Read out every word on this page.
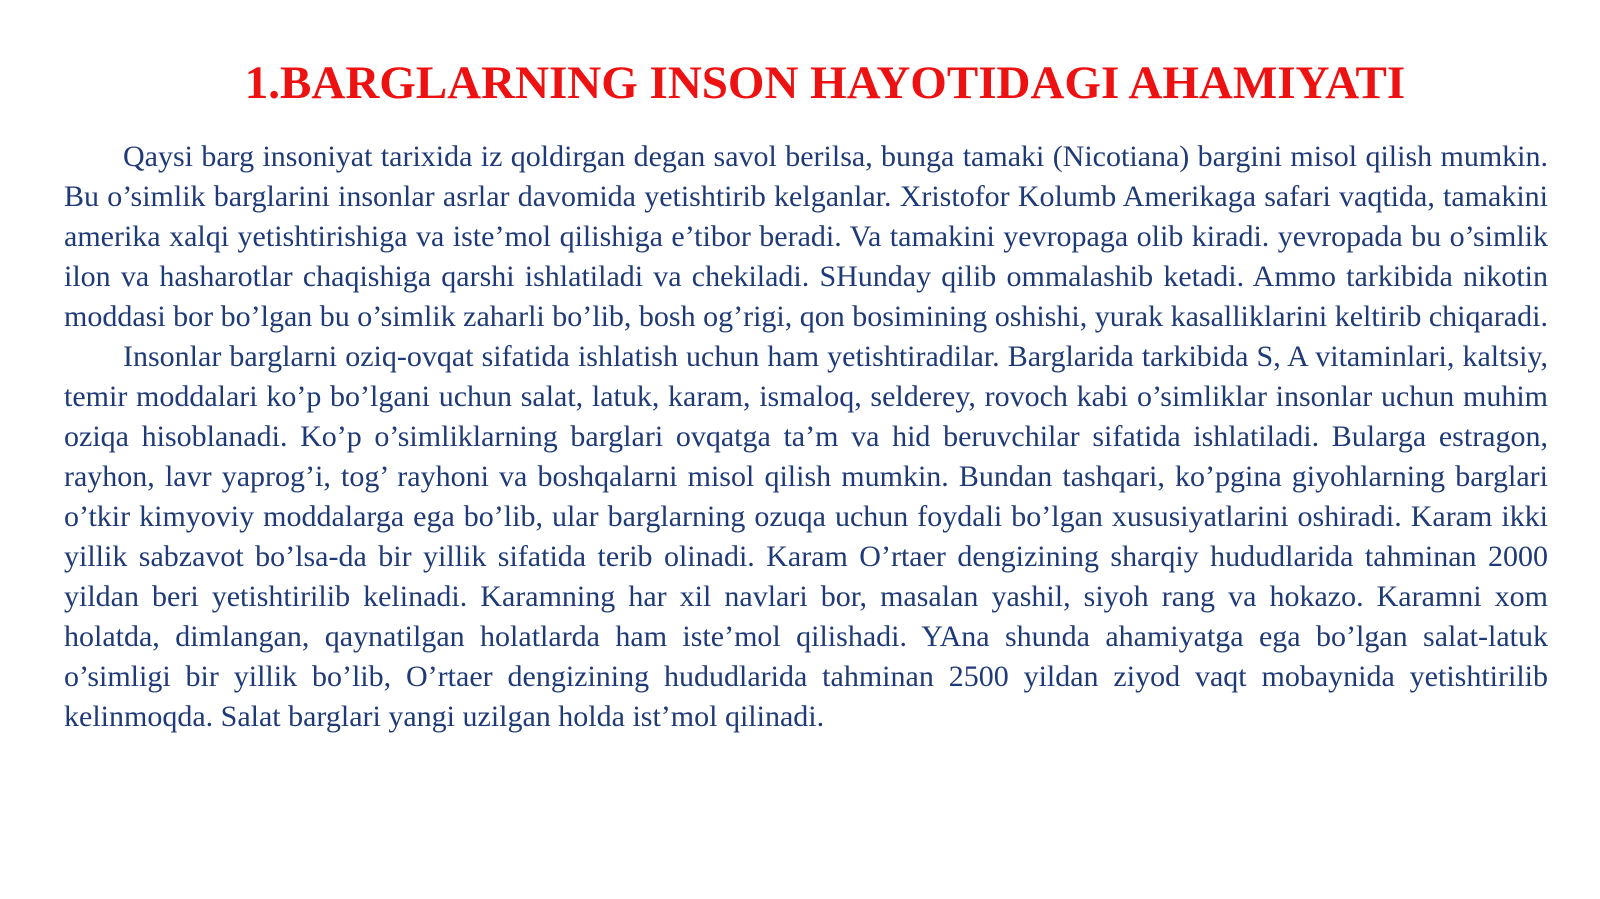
1.BARGLARNING INSON HAYOTIDAGI AHAMIYATI

Qaysi barg insoniyat tarixida iz qoldirgan degan savol berilsa, bunga tamaki (Nicotiana) bargini misol qilish mumkin. Bu o’simlik barglarini insonlar asrlar davomida yetishtirib kelganlar. Xristofor Kolumb Amerikaga safari vaqtida, tamakini amerika xalqi yetishtirishiga va iste’mol qilishiga e’tibor beradi. Va tamakini yevropaga olib kiradi. yevropada bu o’simlik ilon va hasharotlar chaqishiga qarshi ishlatiladi va chekiladi. SHunday qilib ommalashib ketadi. Ammo tarkibida nikotin moddasi bor bo’lgan bu o’simlik zaharli bo’lib, bosh og’rigi, qon bosimining oshishi, yurak kasalliklarini keltirib chiqaradi.

Insonlar barglarni oziq-ovqat sifatida ishlatish uchun ham yetishtiradilar. Barglarida tarkibida S, A vitaminlari, kaltsiy, temir moddalari ko’p bo’lgani uchun salat, latuk, karam, ismaloq, selderey, rovoch kabi o’simliklar insonlar uchun muhim oziqa hisoblanadi. Ko’p o’simliklarning barglari ovqatga ta’m va hid beruvchilar sifatida ishlatiladi. Bularga estragon, rayhon, lavr yaprog’i, tog’ rayhoni va boshqalarni misol qilish mumkin. Bundan tashqari, ko’pgina giyohlarning barglari o’tkir kimyoviy moddalarga ega bo’lib, ular barglarning ozuqa uchun foydali bo’lgan xususiyatlarini oshiradi. Karam ikki yillik sabzavot bo’lsa-da bir yillik sifatida terib olinadi. Karam O’rtaer dengizining sharqiy hududlarida tahminan 2000 yildan beri yetishtirilib kelinadi. Karamning har xil navlari bor, masalan yashil, siyoh rang va hokazo. Karamni xom holatda, dimlangan, qaynatilgan holatlarda ham iste’mol qilishadi. YAna shunda ahamiyatga ega bo’lgan salat-latuk o’simligi bir yillik bo’lib, O’rtaer dengizining hududlarida tahminan 2500 yildan ziyod vaqt mobaynida yetishtirilib kelinmoqda. Salat barglari yangi uzilgan holda ist’mol qilinadi.
